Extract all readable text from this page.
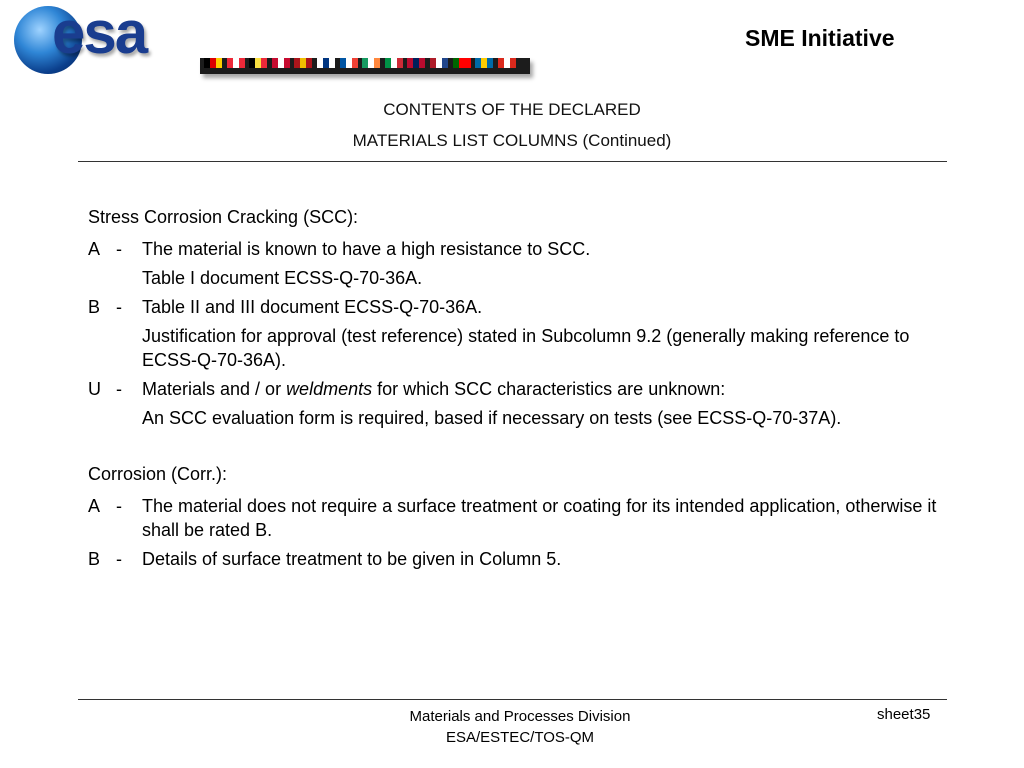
esa	SME Initiative
CONTENTS OF THE DECLARED
MATERIALS LIST COLUMNS (Continued)
Stress Corrosion Cracking (SCC):
A -	The material is known to have a high resistance to SCC.
Table I document ECSS-Q-70-36A.
B -	Table II and III document ECSS-Q-70-36A.
Justification for approval (test reference) stated in Subcolumn 9.2 (generally making reference to ECSS-Q-70-36A).
U -	Materials and / or weldments for which SCC characteristics are unknown:
An SCC evaluation form is required, based if necessary on tests (see ECSS-Q-70-37A).
Corrosion (Corr.):
A -	The material does not require a surface treatment or coating for its intended application, otherwise it shall be rated B.
B -	Details of surface treatment to be given in Column 5.
Materials and Processes Division
ESA/ESTEC/TOS-QM
sheet35
